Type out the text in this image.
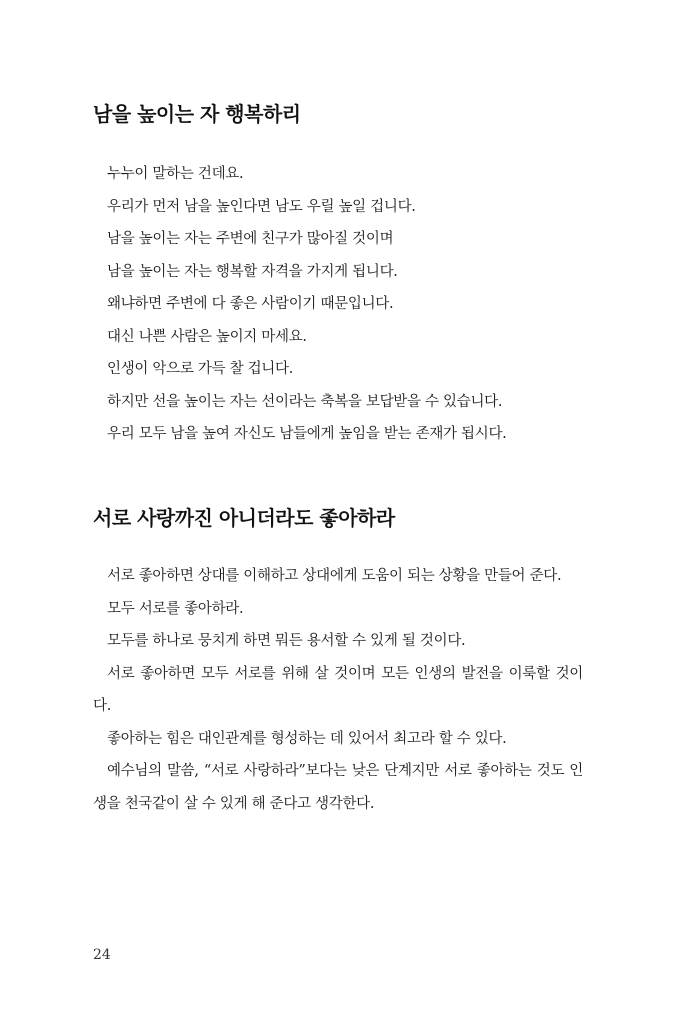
남을 높이는 자 행복하리

누누이 말하는 건데요.

우리가 먼저 남을 높인다면 남도 우릴 높일 겁니다.

남을 높이는 자는 주변에 친구가 많아질 것이며

남을 높이는 자는 행복할 자격을 가지게 됩니다.

왜냐하면 주변에 다 좋은 사람이기 때문입니다.

대신 나쁜 사람은 높이지 마세요.

인생이 악으로 가득 찰 겁니다.

하지만 선을 높이는 자는 선이라는 축복을 보답받을 수 있습니다.

우리 모두 남을 높여 자신도 남들에게 높임을 받는 존재가 됩시다.

서로 사랑까진 아니더라도 좋아하라

서로 좋아하면 상대를 이해하고 상대에게 도움이 되는 상황을 만들어 준다.

모두 서로를 좋아하라.

모두를 하나로 뭉치게 하면 뭐든 용서할 수 있게 될 것이다.

서로 좋아하면 모두 서로를 위해 살 것이며 모든 인생의 발전을 이룩할 것이다.

좋아하는 힘은 대인관계를 형성하는 데 있어서 최고라 할 수 있다.

예수님의 말씀, “서로 사랑하라”보다는 낮은 단계지만 서로 좋아하는 것도 인생을 천국같이 살 수 있게 해 준다고 생각한다.

24
